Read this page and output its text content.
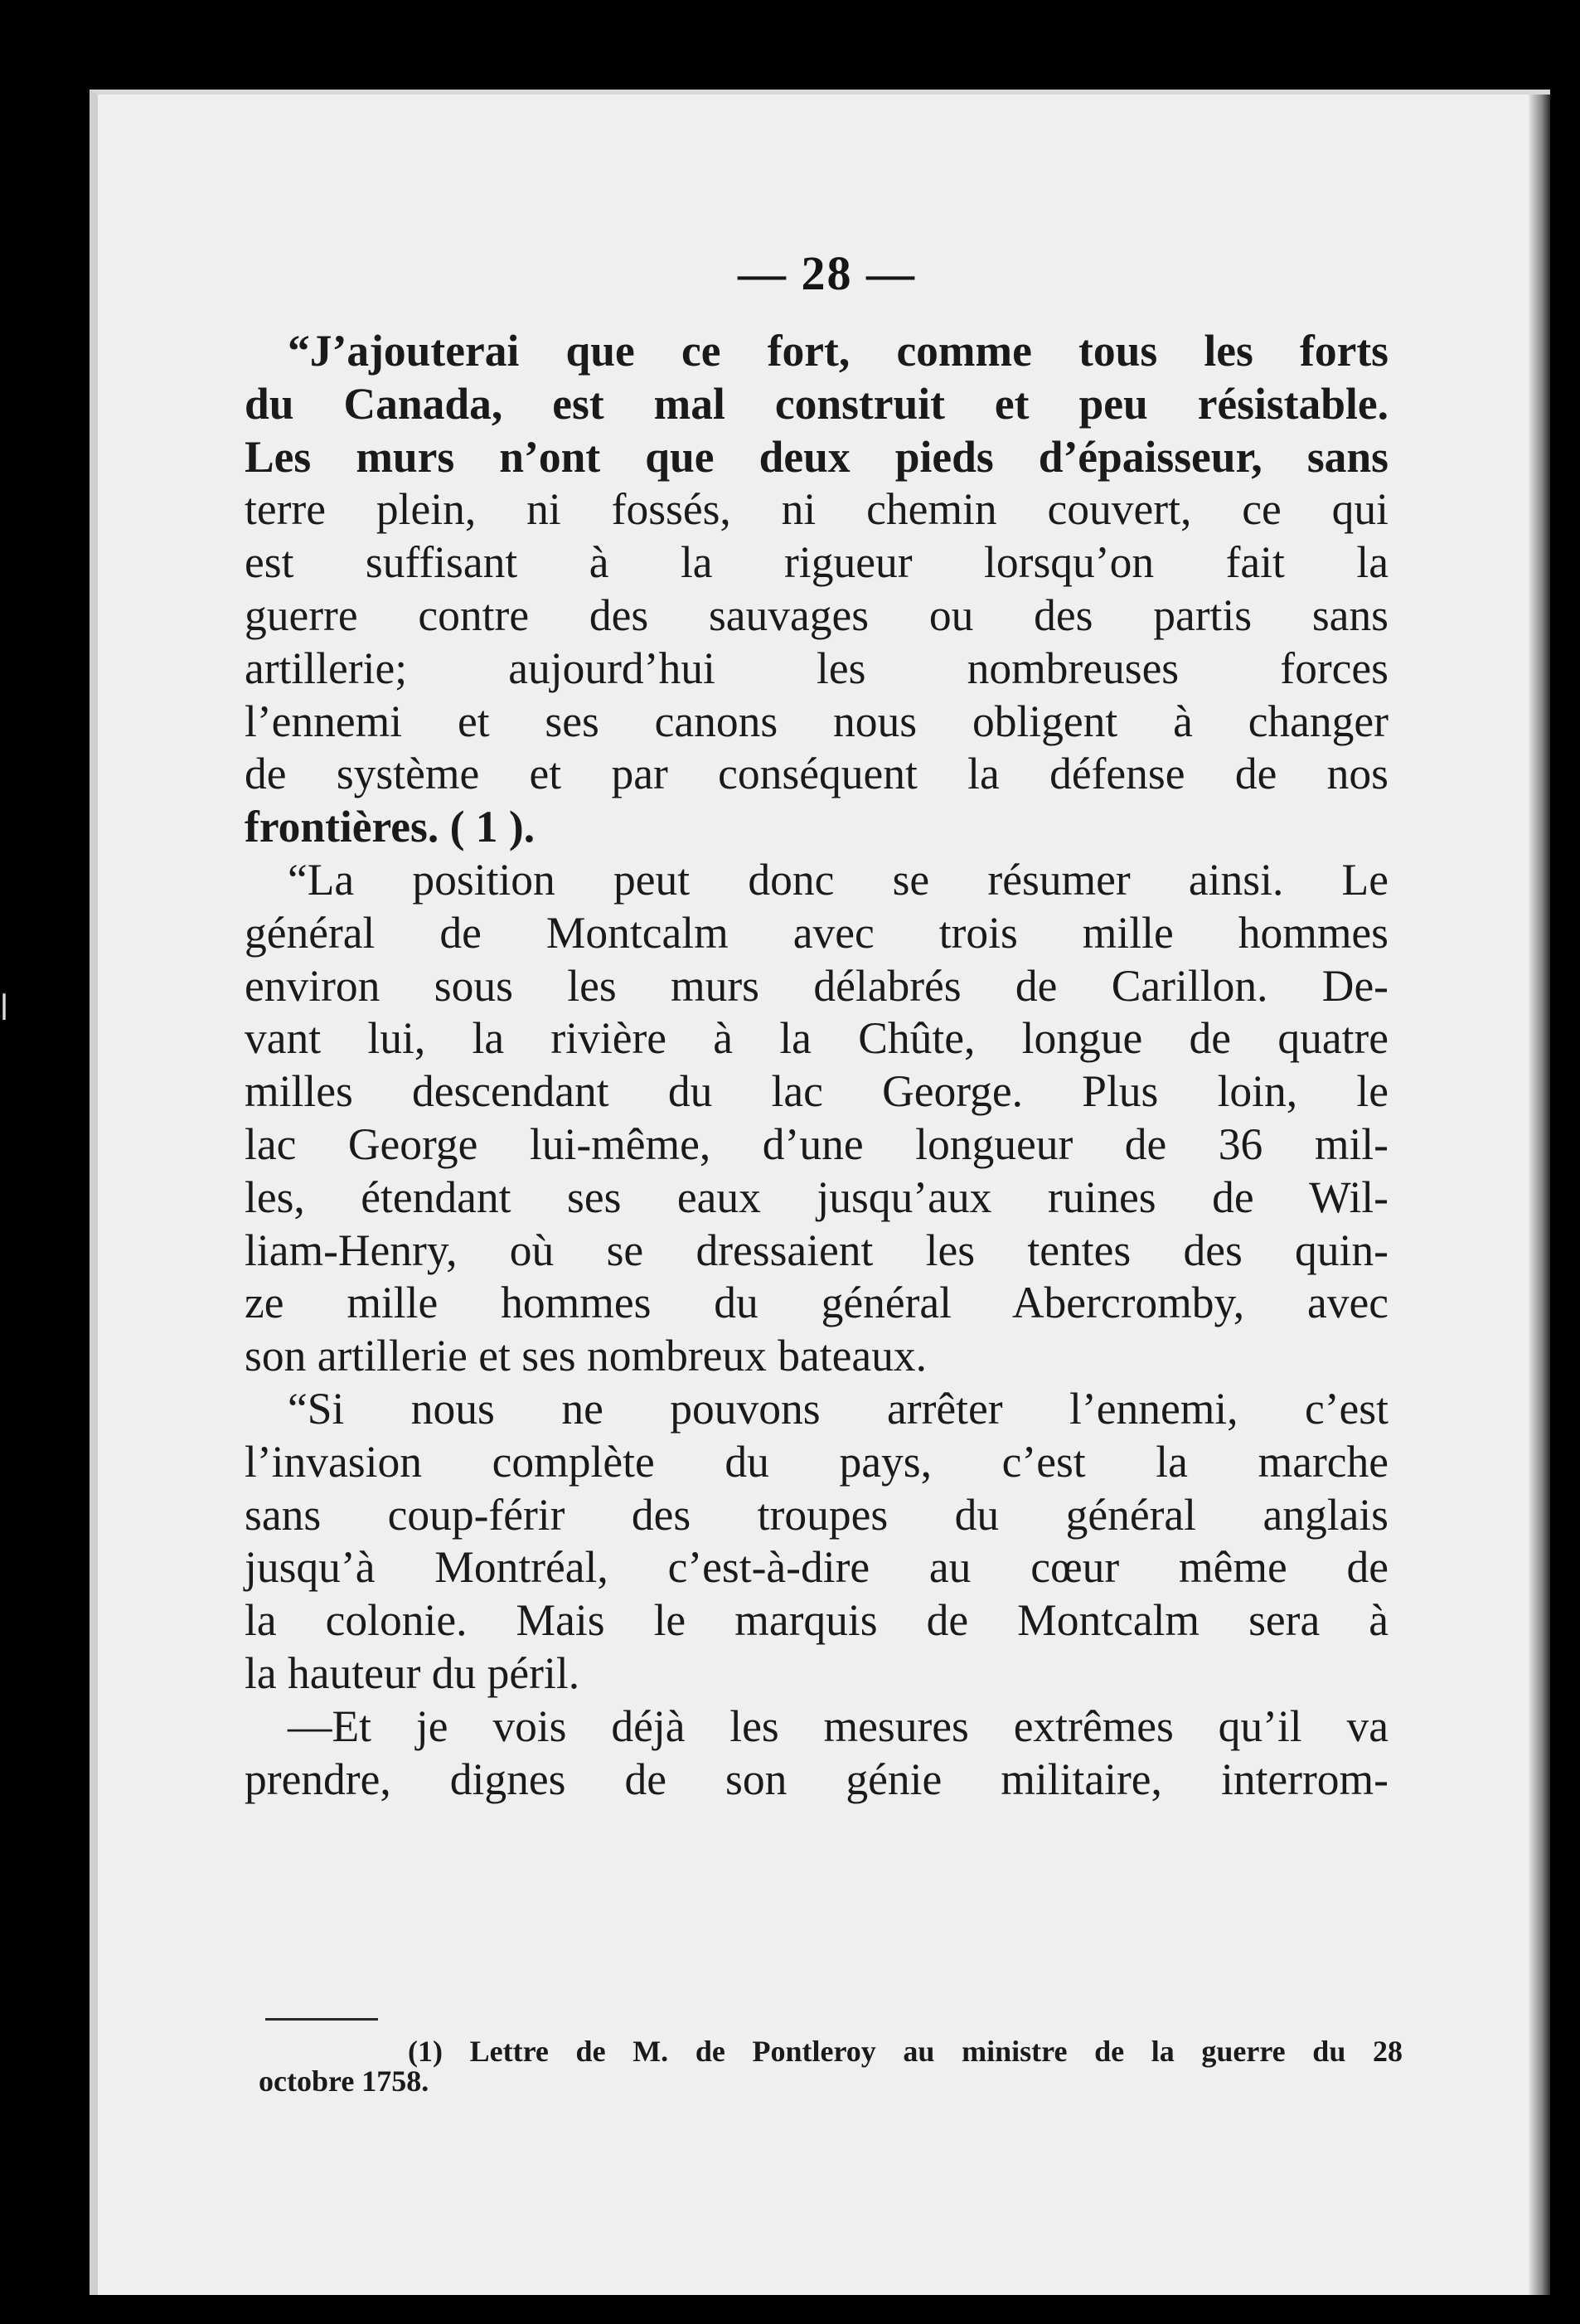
— 28 —
“J’ajouterai que ce fort, comme tous les forts
du Canada, est mal construit et peu résistable.
Les murs n’ont que deux pieds d’épaisseur, sans
terre plein, ni fossés, ni chemin couvert, ce qui
est suffisant à la rigueur lorsqu’on fait la
guerre contre des sauvages ou des partis sans
artillerie; aujourd’hui les nombreuses forces
l’ennemi et ses canons nous obligent à changer
de système et par conséquent la défense de nos
frontières. ( 1 ).
“La position peut donc se résumer ainsi. Le
général de Montcalm avec trois mille hommes
environ sous les murs délabrés de Carillon. De-
vant lui, la rivière à la Chûte, longue de quatre
milles descendant du lac George. Plus loin, le
lac George lui-même, d’une longueur de 36 mil-
les, étendant ses eaux jusqu’aux ruines de Wil-
liam-Henry, où se dressaient les tentes des quin-
ze mille hommes du général Abercromby, avec
son artillerie et ses nombreux bateaux.
“Si nous ne pouvons arrêter l’ennemi, c’est
l’invasion complète du pays, c’est la marche
sans coup-férir des troupes du général anglais
jusqu’à Montréal, c’est-à-dire au cœur même de
la colonie. Mais le marquis de Montcalm sera à
la hauteur du péril.
—Et je vois déjà les mesures extrêmes qu’il va
prendre, dignes de son génie militaire, interrom-
(1) Lettre de M. de Pontleroy au ministre de la guerre du 28
octobre 1758.
ǀ
